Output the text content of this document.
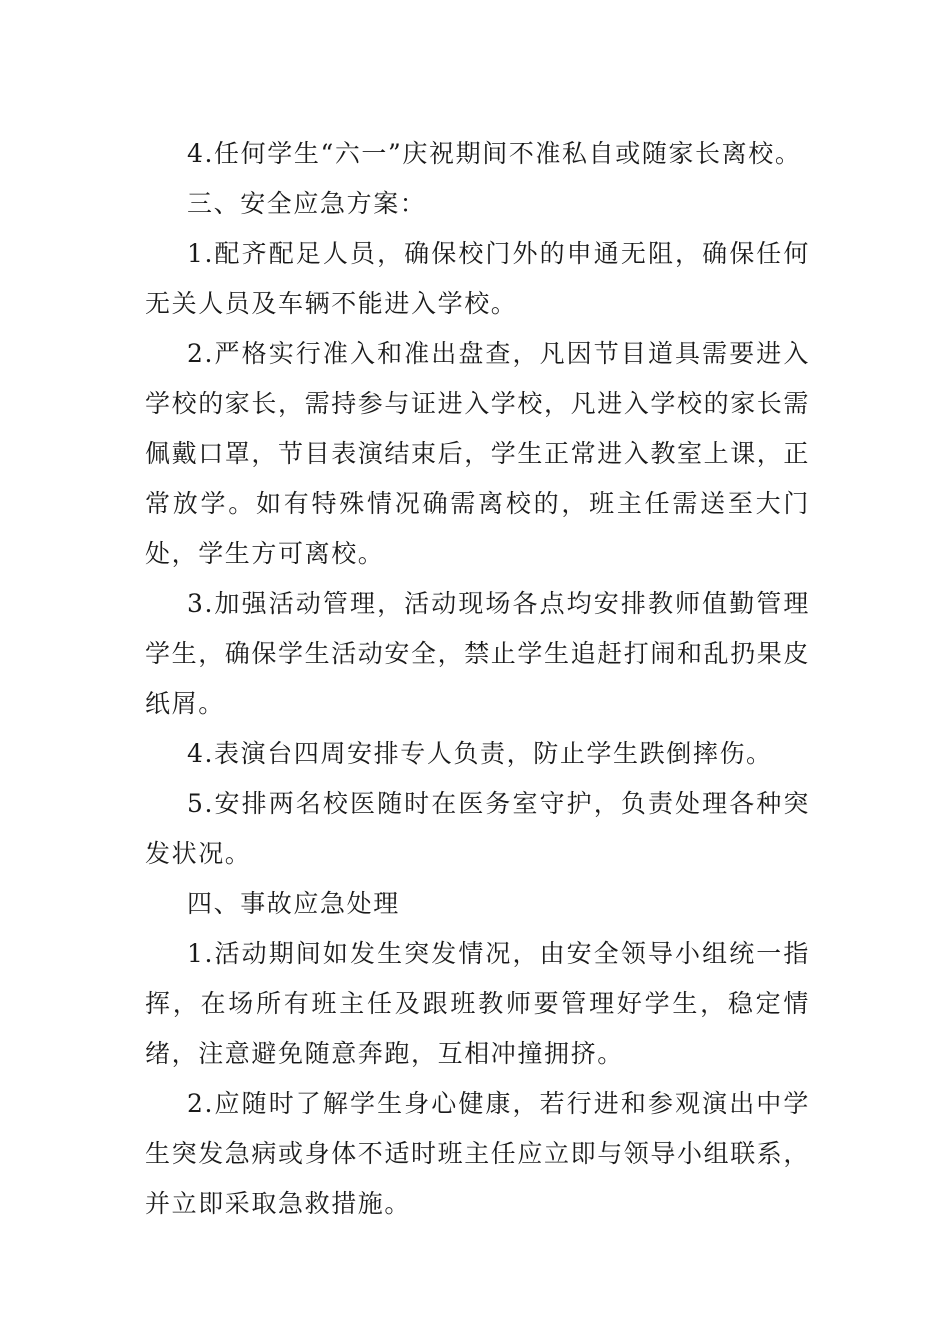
4.任何学生“六一”庆祝期间不准私自或随家长离校。

三、安全应急方案：

1.配齐配足人员，确保校门外的申通无阻，确保任何无关人员及车辆不能进入学校。

2.严格实行准入和准出盘查，凡因节目道具需要进入学校的家长，需持参与证进入学校，凡进入学校的家长需佩戴口罩，节目表演结束后，学生正常进入教室上课，正常放学。如有特殊情况确需离校的，班主任需送至大门处，学生方可离校。

3.加强活动管理，活动现场各点均安排教师值勤管理学生，确保学生活动安全，禁止学生追赶打闹和乱扔果皮纸屑。

4.表演台四周安排专人负责，防止学生跌倒摔伤。

5.安排两名校医随时在医务室守护，负责处理各种突发状况。

四、事故应急处理

1.活动期间如发生突发情况，由安全领导小组统一指挥，在场所有班主任及跟班教师要管理好学生，稳定情绪，注意避免随意奔跑，互相冲撞拥挤。

2.应随时了解学生身心健康，若行进和参观演出中学生突发急病或身体不适时班主任应立即与领导小组联系，并立即采取急救措施。
